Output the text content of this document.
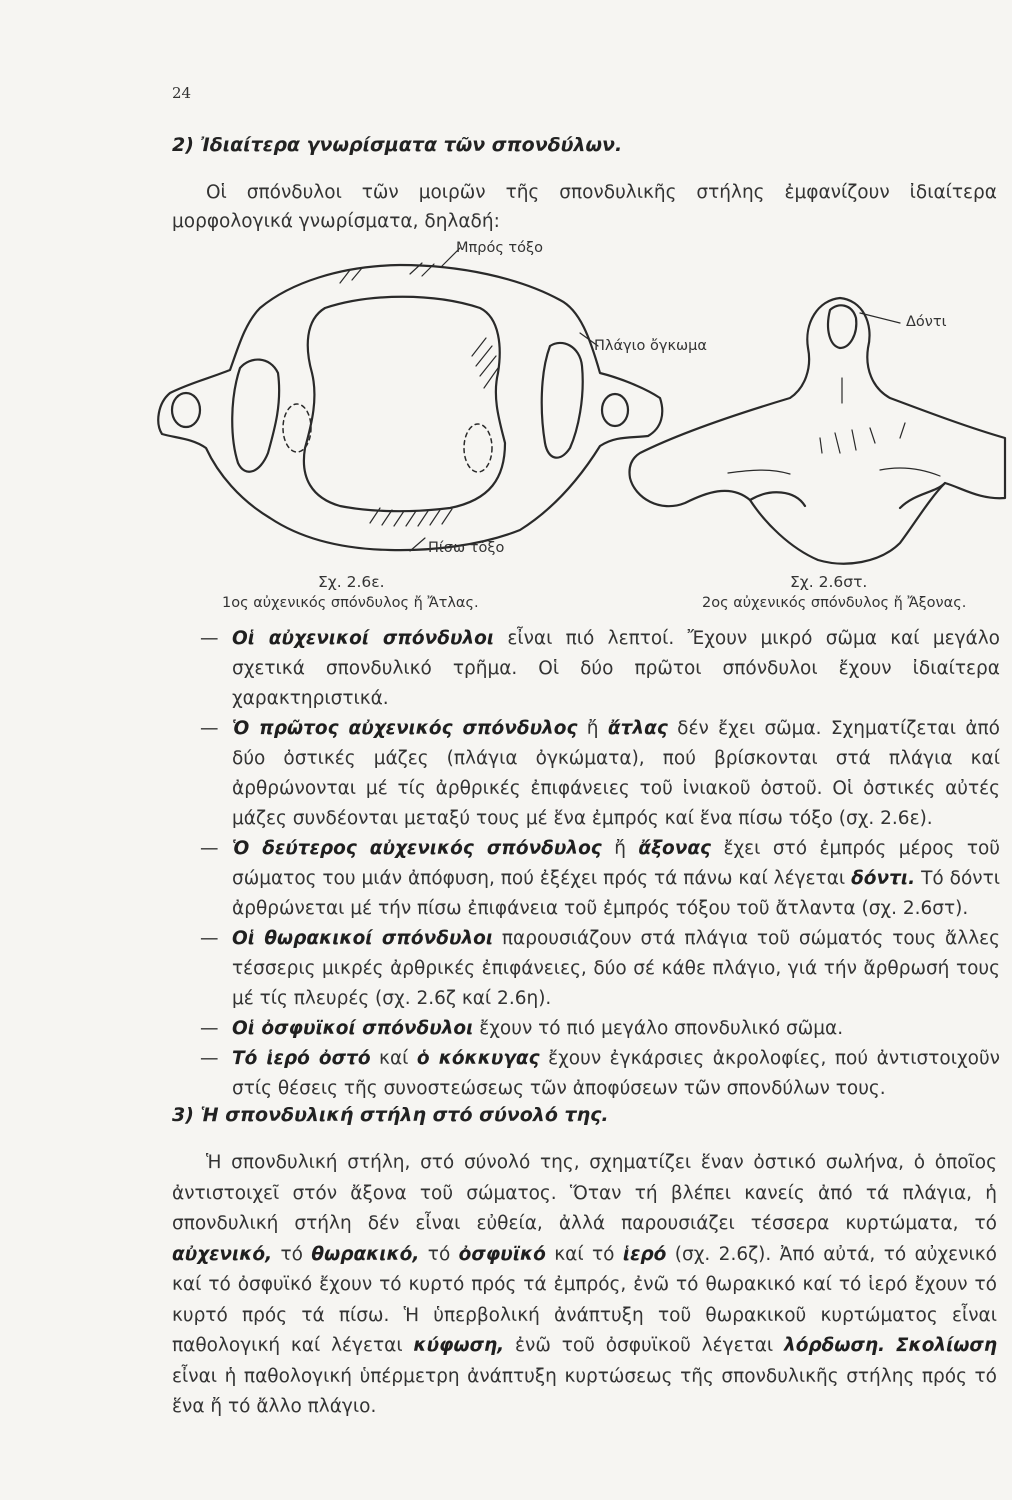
24
2) Ἰδιαίτερα γνωρίσματα τῶν σπονδύλων.
Οἱ σπόνδυλοι τῶν μοιρῶν τῆς σπονδυλικῆς στήλης ἐμφανίζουν ἰδιαίτερα μορφολογικά γνωρίσματα, δηλαδή:
Μπρός τόξο
Πλάγιο ὄγκωμα
Πίσω τόξο
Δόντι
Σχ. 2.6ε.
1ος αὐχενικός σπόνδυλος ἤ Ἄτλας.
Σχ. 2.6στ.
2ος αὐχενικός σπόνδυλος ἤ Ἄξονας.
— Οἱ αὐχενικοί σπόνδυλοι εἶναι πιό λεπτοί. Ἔχουν μικρό σῶμα καί μεγάλο σχετικά σπονδυλικό τρῆμα. Οἱ δύο πρῶτοι σπόνδυλοι ἔχουν ἰδιαίτερα χαρακτηριστικά.
— Ὁ πρῶτος αὐχενικός σπόνδυλος ἤ ἄτλας δέν ἔχει σῶμα. Σχηματίζεται ἀπό δύο ὀστικές μάζες (πλάγια ὀγκώματα), πού βρίσκονται στά πλάγια καί ἀρθρώνονται μέ τίς ἀρθρικές ἐπιφάνειες τοῦ ἰνιακοῦ ὀστοῦ. Οἱ ὀστικές αὐτές μάζες συνδέονται μεταξύ τους μέ ἕνα ἐμπρός καί ἕνα πίσω τόξο (σχ. 2.6ε).
— Ὁ δεύτερος αὐχενικός σπόνδυλος ἤ ἄξονας ἔχει στό ἐμπρός μέρος τοῦ σώματος του μιάν ἀπόφυση, πού ἐξέχει πρός τά πάνω καί λέγεται δόντι. Τό δόντι ἀρθρώνεται μέ τήν πίσω ἐπιφάνεια τοῦ ἐμπρός τόξου τοῦ ἄτλαντα (σχ. 2.6στ).
— Οἱ θωρακικοί σπόνδυλοι παρουσιάζουν στά πλάγια τοῦ σώματός τους ἄλλες τέσσερις μικρές ἀρθρικές ἐπιφάνειες, δύο σέ κάθε πλάγιο, γιά τήν ἄρθρωσή τους μέ τίς πλευρές (σχ. 2.6ζ καί 2.6η).
— Οἱ ὀσφυϊκοί σπόνδυλοι ἔχουν τό πιό μεγάλο σπονδυλικό σῶμα.
— Τό ἱερό ὀστό καί ὁ κόκκυγας ἔχουν ἐγκάρσιες ἀκρολοφίες, πού ἀντιστοιχοῦν στίς θέσεις τῆς συνοστεώσεως τῶν ἀποφύσεων τῶν σπονδύλων τους.
3) Ἡ σπονδυλική στήλη στό σύνολό της.
Ἡ σπονδυλική στήλη, στό σύνολό της, σχηματίζει ἕναν ὀστικό σωλήνα, ὁ ὁποῖος ἀντιστοιχεῖ στόν ἄξονα τοῦ σώματος. Ὅταν τή βλέπει κανείς ἀπό τά πλάγια, ἡ σπονδυλική στήλη δέν εἶναι εὐθεία, ἀλλά παρουσιάζει τέσσερα κυρτώματα, τό αὐχενικό, τό θωρακικό, τό ὀσφυϊκό καί τό ἱερό (σχ. 2.6ζ). Ἀπό αὐτά, τό αὐχενικό καί τό ὀσφυϊκό ἔχουν τό κυρτό πρός τά ἐμπρός, ἐνῶ τό θωρακικό καί τό ἱερό ἔχουν τό κυρτό πρός τά πίσω. Ἡ ὑπερβολική ἀνάπτυξη τοῦ θωρακικοῦ κυρτώματος εἶναι παθολογική καί λέγεται κύφωση, ἐνῶ τοῦ ὀσφυϊκοῦ λέγεται λόρδωση. Σκολίωση εἶναι ἡ παθολογική ὑπέρμετρη ἀνάπτυξη κυρτώσεως τῆς σπονδυλικῆς στήλης πρός τό ἕνα ἤ τό ἄλλο πλάγιο.
